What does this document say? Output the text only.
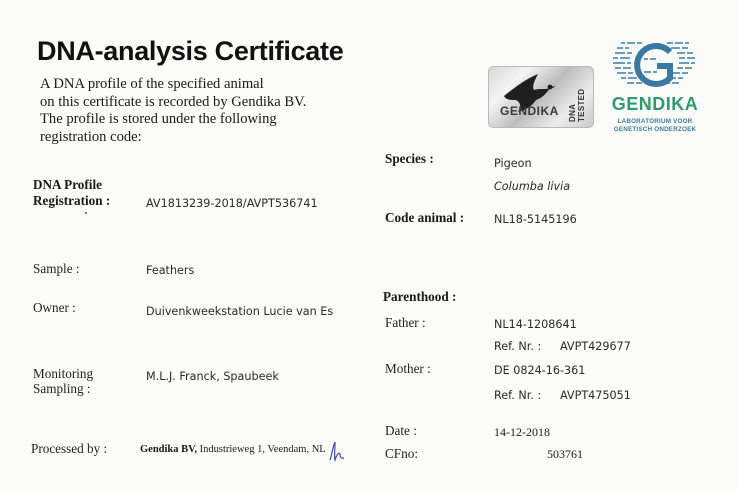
DNA-analysis Certificate
A DNA profile of the specified animal
on this certificate is recorded by Gendika BV.
The profile is stored under the following
registration code:
GENDIKA DNA TESTED GENDIKA
LABORATORIUM VOOR
GENETISCH ONDERZOEK
DNA Profile
Registration :	AV1813239-2018/AVPT536741
Sample :	Feathers
Owner :	Duivenkweekstation Lucie van Es
Monitoring
Sampling :
M.L.J. Franck, Spaubeek
Processed by :	Gendika BV, Industrieweg 1, Veendam, NL
Species :	Pigeon
Columba livia
Code animal :	NL18-5145196
Parenthood :
Father :	NL14-1208641
Ref. Nr. : AVPT429677
Mother :	DE 0824-16-361
Ref. Nr. : AVPT475051
Date :	14-12-2018
CFno:	503761
